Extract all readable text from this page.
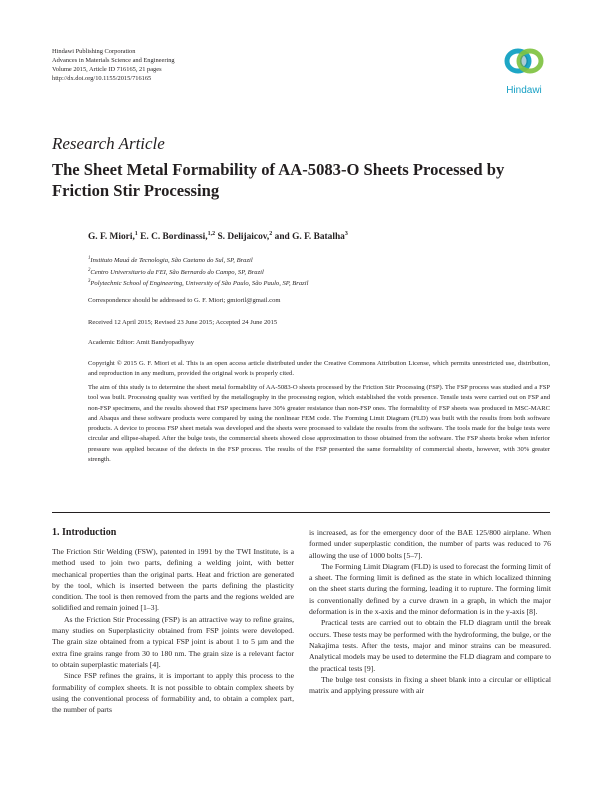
Hindawi Publishing Corporation
Advances in Materials Science and Engineering
Volume 2015, Article ID 716165, 21 pages
http://dx.doi.org/10.1155/2015/716165
Hindawi
Research Article
The Sheet Metal Formability of AA-5083-O Sheets Processed by Friction Stir Processing
G. F. Miori,$^1$ E. C. Bordinassi,$^{1,2}$ S. Delijaicov,$^2$ and G. F. Batalha$^3$
$^1$Instituto Mauá de Tecnologia, São Caetano do Sul, SP, Brazil
$^2$Centro Universitario da FEI, São Bernardo do Campo, SP, Brazil
$^3$Polytechnic School of Engineering, University of São Paulo, São Paulo, SP, Brazil
Correspondence should be addressed to G. F. Miori; gmioril@gmail.com
Received 12 April 2015; Revised 23 June 2015; Accepted 24 June 2015
Academic Editor: Amit Bandyopadhyay
Copyright © 2015 G. F. Miori et al. This is an open access article distributed under the Creative Commons Attribution License, which permits unrestricted use, distribution, and reproduction in any medium, provided the original work is properly cited.

The aim of this study is to determine the sheet metal formability of AA-5083-O sheets processed by the Friction Stir Processing (FSP). The FSP process was studied and a FSP tool was built. Processing quality was verified by the metallography in the processing region, which established the voids presence. Tensile tests were carried out on FSP and non-FSP specimens, and the results showed that FSP specimens have 30% greater resistance than non-FSP ones. The formability of FSP sheets was produced in MSC-MARC and Abaqus and these software products were compared by using the nonlinear FEM code. The Forming Limit Diagram (FLD) was built with the results from both software products. A device to process FSP sheet metals was developed and the sheets were processed to validate the results from the software. The tools made for the bulge tests were circular and ellipse-shaped. After the bulge tests, the commercial sheets showed close approximation to those obtained from the software. The FSP sheets broke when inferior pressure was applied because of the defects in the FSP process. The results of the FSP presented the same formability of commercial sheets, however, with 30% greater strength.

1. Introduction

The Friction Stir Welding (FSW), patented in 1991 by the TWI Institute, is a method used to join two parts, defining a welding joint, with better mechanical properties than the original parts. Heat and friction are generated by the tool, which is inserted between the parts defining the plasticity condition. The tool is then removed from the parts and the regions welded are solidified and remain joined [1–3].

As the Friction Stir Processing (FSP) is an attractive way to refine grains, many studies on Superplasticity obtained from FSP joints were developed. The grain size obtained from a typical FSP joint is about 1 to 5 µm and the extra fine grains range from 30 to 180 nm. The grain size is a relevant factor to obtain superplastic materials [4].

Since FSP refines the grains, it is important to apply this process to the formability of complex sheets. It is not possible to obtain complex sheets by using the conventional process of formability and, to obtain a complex part, the number of parts

is increased, as for the emergency door of the BAE 125/800 airplane. When formed under superplastic condition, the number of parts was reduced to 76 allowing the use of 1000 bolts [5–7].

The Forming Limit Diagram (FLD) is used to forecast the forming limit of a sheet. The forming limit is defined as the state in which localized thinning on the sheet starts during the forming, leading it to rupture. The forming limit is conventionally defined by a curve drawn in a graph, in which the major deformation is in the x-axis and the minor deformation is in the y-axis [8].

Practical tests are carried out to obtain the FLD diagram until the break occurs. These tests may be performed with the hydroforming, the bulge, or the Nakajima tests. After the tests, major and minor strains can be measured. Analytical models may be used to determine the FLD diagram and compare to the practical tests [9].

The bulge test consists in fixing a sheet blank into a circular or elliptical matrix and applying pressure with air
